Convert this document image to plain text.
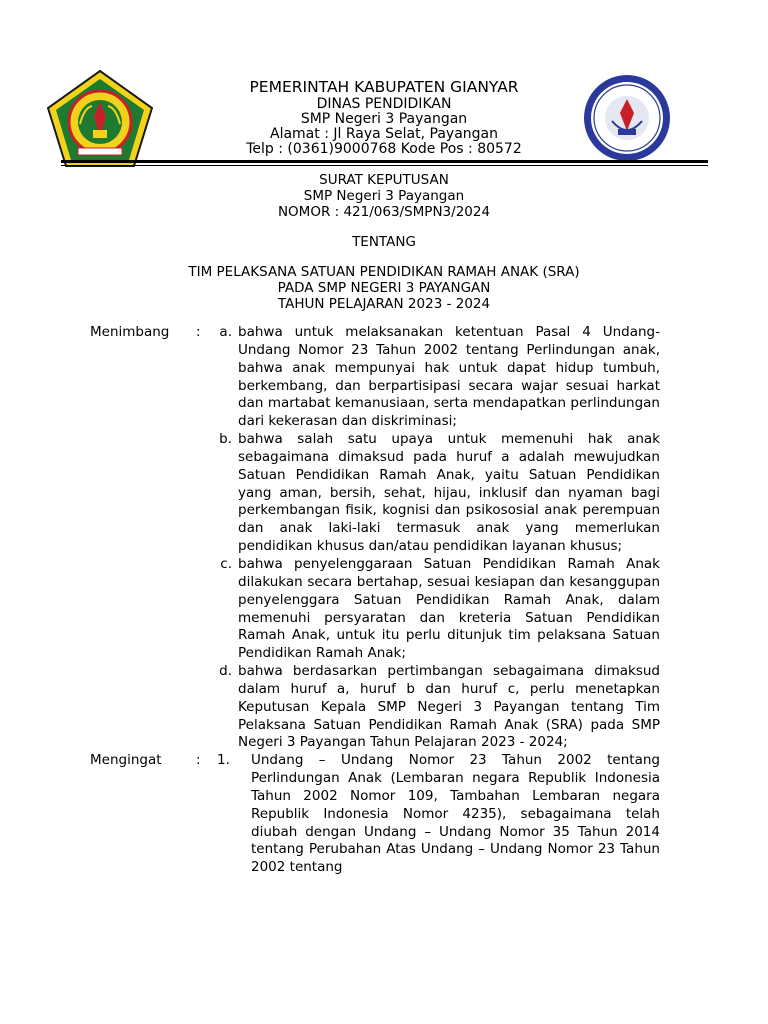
PEMERINTAH KABUPATEN GIANYAR
DINAS PENDIDIKAN
SMP Negeri 3 Payangan
Alamat : Jl Raya Selat, Payangan
Telp : (0361)9000768 Kode Pos : 80572
SURAT KEPUTUSAN
SMP Negeri 3 Payangan
NOMOR : 421/063/SMPN3/2024
TENTANG
TIM PELAKSANA SATUAN PENDIDIKAN RAMAH ANAK (SRA)
PADA SMP NEGERI 3 PAYANGAN
TAHUN PELAJARAN 2023 - 2024
Menimbang	:	a. bahwa untuk melaksanakan ketentuan Pasal 4 Undang-Undang Nomor 23 Tahun 2002 tentang Perlindungan anak, bahwa anak mempunyai hak untuk dapat hidup tumbuh, berkembang, dan berpartisipasi secara wajar sesuai harkat dan martabat kemanusiaan, serta mendapatkan perlindungan dari kekerasan dan diskriminasi;
b. bahwa salah satu upaya untuk memenuhi hak anak sebagaimana dimaksud pada huruf a adalah mewujudkan Satuan Pendidikan Ramah Anak, yaitu Satuan Pendidikan yang aman, bersih, sehat, hijau, inklusif dan nyaman bagi perkembangan fisik, kognisi dan psikososial anak perempuan dan anak laki-laki termasuk anak yang memerlukan pendidikan khusus dan/atau pendidikan layanan khusus;
c. bahwa penyelenggaraan Satuan Pendidikan Ramah Anak dilakukan secara bertahap, sesuai kesiapan dan kesanggupan penyelenggara Satuan Pendidikan Ramah Anak, dalam memenuhi persyaratan dan kreteria Satuan Pendidikan Ramah Anak, untuk itu perlu ditunjuk tim pelaksana Satuan Pendidikan Ramah Anak;
d. bahwa berdasarkan pertimbangan sebagaimana dimaksud dalam huruf a, huruf b dan huruf c, perlu menetapkan Keputusan Kepala SMP Negeri 3 Payangan tentang Tim Pelaksana Satuan Pendidikan Ramah Anak (SRA) pada SMP Negeri 3 Payangan Tahun Pelajaran 2023 - 2024;
Mengingat	:	1.	Undang – Undang Nomor 23 Tahun 2002 tentang Perlindungan Anak (Lembaran negara Republik Indonesia Tahun 2002 Nomor 109, Tambahan Lembaran negara Republik Indonesia Nomor 4235), sebagaimana telah diubah dengan Undang – Undang Nomor 35 Tahun 2014 tentang Perubahan Atas Undang – Undang Nomor 23 Tahun 2002 tentang
